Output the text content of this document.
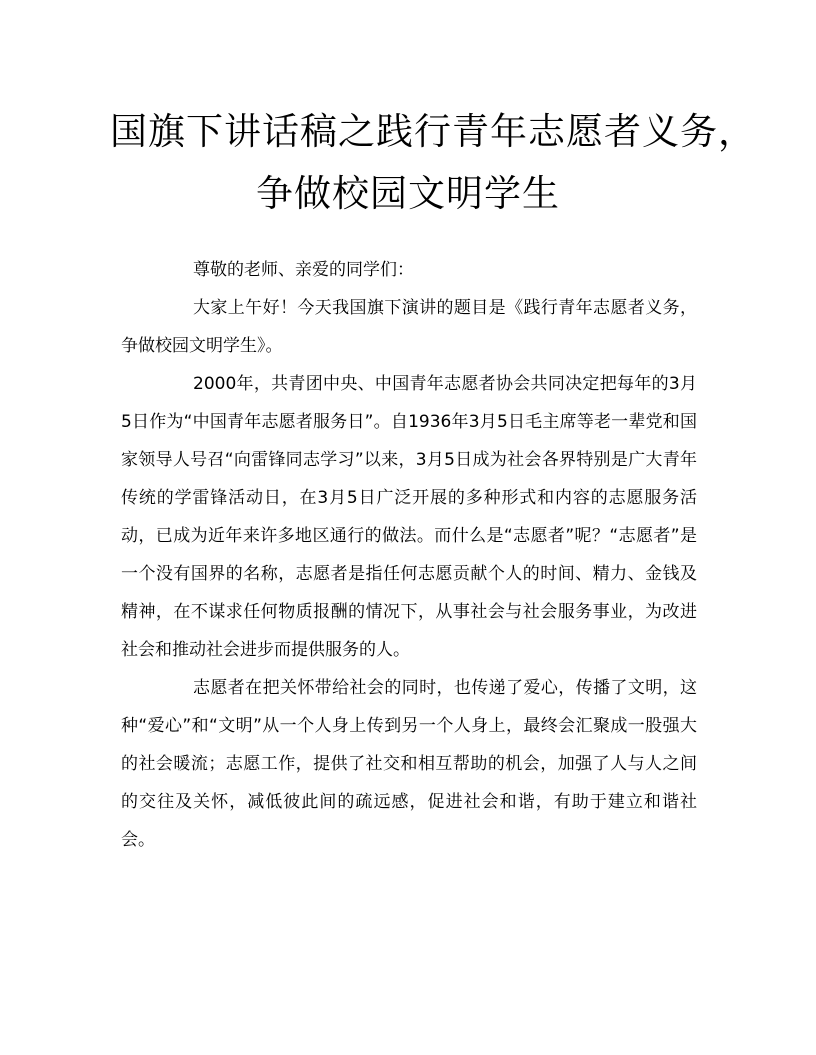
国旗下讲话稿之践行青年志愿者义务，
争做校园文明学生

尊敬的老师、亲爱的同学们：

大家上午好！今天我国旗下演讲的题目是《践行青年志愿者义务，争做校园文明学生》。

2000年，共青团中央、中国青年志愿者协会共同决定把每年的3月5日作为“中国青年志愿者服务日”。自1936年3月5日毛主席等老一辈党和国家领导人号召“向雷锋同志学习”以来，3月5日成为社会各界特别是广大青年传统的学雷锋活动日，在3月5日广泛开展的多种形式和内容的志愿服务活动，已成为近年来许多地区通行的做法。而什么是“志愿者”呢？“志愿者”是一个没有国界的名称，志愿者是指任何志愿贡献个人的时间、精力、金钱及精神，在不谋求任何物质报酬的情况下，从事社会与社会服务事业，为改进社会和推动社会进步而提供服务的人。

志愿者在把关怀带给社会的同时，也传递了爱心，传播了文明，这种“爱心”和“文明”从一个人身上传到另一个人身上，最终会汇聚成一股强大的社会暖流；志愿工作，提供了社交和相互帮助的机会，加强了人与人之间的交往及关怀，减低彼此间的疏远感，促进社会和谐，有助于建立和谐社会。
